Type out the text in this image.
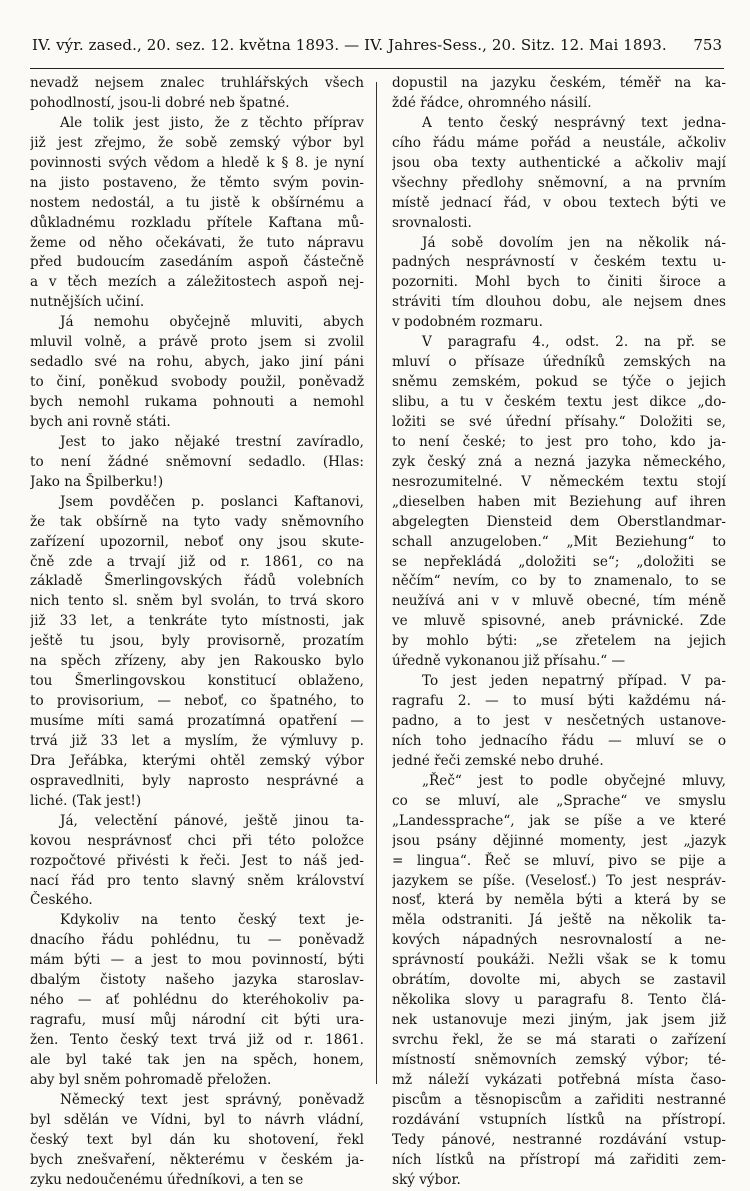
IV. výr. zased., 20. sez. 12. května 1893. — IV. Jahres-Sess., 20. Sitz. 12. Mai 1893. 753
nevadž nejsem znalec truhlářských všech
pohodlností, jsou-li dobré neb špatné.
Ale tolik jest jisto, že z těchto příprav
již jest zřejmo, že sobě zemský výbor byl
povinnosti svých vědom a hledě k § 8. je nyní
na jisto postaveno, že těmto svým povin-
nostem nedostál, a tu jistě k obšírnému a
důkladnému rozkladu přítele Kaftana mů-
žeme od něho očekávati, že tuto nápravu
před budoucím zasedáním aspoň částečně
a v těch mezích a záležitostech aspoň nej-
nutnějších učiní.
Já nemohu obyčejně mluviti, abych
mluvil volně, a právě proto jsem si zvolil
sedadlo své na rohu, abych, jako jiní páni
to činí, poněkud svobody použil, poněvadž
bych nemohl rukama pohnouti a nemohl
bych ani rovně státi.
Jest to jako nějaké trestní zavíradlo,
to není žádné sněmovní sedadlo. (Hlas:
Jako na Špilberku!)
Jsem povděčen p. poslanci Kaftanovi,
že tak obšírně na tyto vady sněmovního
zařízení upozornil, neboť ony jsou skute-
čně zde a trvají již od r. 1861, co na
základě Šmerlingovských řádů volebních
nich tento sl. sněm byl svolán, to trvá skoro
již 33 let, a tenkráte tyto místnosti, jak
ještě tu jsou, byly provisorně, prozatím
na spěch zřízeny, aby jen Rakousko bylo
tou Šmerlingovskou konstitucí oblaženo,
to provisorium, — neboť, co špatného, to
musíme míti samá prozatímná opatření —
trvá již 33 let a myslím, že výmluvy p.
Dra Jeřábka, kterými ohtěl zemský výbor
ospravedlniti, byly naprosto nesprávné a
liché. (Tak jest!)
Já, velectění pánové, ještě jinou ta-
kovou nesprávnosť chci při této položce
rozpočtové přivésti k řeči. Jest to náš jed-
nací řád pro tento slavný sněm království
Českého.
Kdykoliv na tento český text je-
dnacího řádu pohlédnu, tu — poněvadž
mám býti — a jest to mou povinností, býti
dbalým čistoty našeho jazyka staroslav-
ného — ať pohlédnu do kteréhokoliv pa-
ragrafu, musí můj národní cit býti ura-
žen. Tento český text trvá již od r. 1861.
ale byl také tak jen na spěch, honem,
aby byl sněm pohromadě přeložen.
Německý text jest správný, poněvadž
byl sdělán ve Vídni, byl to návrh vládní,
český text byl dán ku shotovení, řekl
bych znešvaření, některému v českém ja-
zyku nedoučenému úředníkovi, a ten se
dopustil na jazyku českém, téměř na ka-
ždé řádce, ohromného násilí.
A tento český nesprávný text jedna-
cího řádu máme pořád a neustále, ačkoliv
jsou oba texty authentické a ačkoliv mají
všechny předlohy sněmovní, a na prvním
místě jednací řád, v obou textech býti ve
srovnalosti.
Já sobě dovolím jen na několik ná-
padných nesprávností v českém textu u-
pozorniti. Mohl bych to činiti široce a
stráviti tím dlouhou dobu, ale nejsem dnes
v podobném rozmaru.
V paragrafu 4., odst. 2. na př. se
mluví o přísaze úředníků zemských na
sněmu zemském, pokud se týče o jejich
slibu, a tu v českém textu jest dikce „do-
ložiti se své úřední přísahy.“ Doložiti se,
to není české; to jest pro toho, kdo ja-
zyk český zná a nezná jazyka německého,
nesrozumitelné. V německém textu stojí
„dieselben haben mit Beziehung auf ihren
abgelegten Diensteid dem Oberstlandmar-
schall anzugeloben.“ „Mit Beziehung“ to
se nepřekládá „doložiti se“; „doložiti se
něčím“ nevím, co by to znamenalo, to se
neužívá ani v v mluvě obecné, tím méně
ve mluvě spisovné, aneb právnické. Zde
by mohlo býti: „se zřetelem na jejich
úředně vykonanou již přísahu.“ —
To jest jeden nepatrný případ. V pa-
ragrafu 2. — to musí býti každému ná-
padno, a to jest v nesčetných ustanove-
ních toho jednacího řádu — mluví se o
jedné řeči zemské nebo druhé.
„Řeč“ jest to podle obyčejné mluvy,
co se mluví, ale „Sprache“ ve smyslu
„Landessprache“, jak se píše a ve které
jsou psány dějinné momenty, jest „jazyk
= lingua“. Řeč se mluví, pivo se pije a
jazykem se píše. (Veselosť.) To jest nespráv-
nosť, která by neměla býti a která by se
měla odstraniti. Já ještě na několik ta-
kových nápadných nesrovnalostí a ne-
správností poukáži. Nežli však se k tomu
obrátím, dovolte mi, abych se zastavil
několika slovy u paragrafu 8. Tento člá-
nek ustanovuje mezi jiným, jak jsem již
svrchu řekl, že se má starati o zařízení
místností sněmovních zemský výbor; té-
mž náleží vykázati potřebná místa časo-
piscům a těsnopiscům a zařiditi nestranné
rozdávání vstupních lístků na přístropí.
Tedy pánové, nestranné rozdávání vstup-
ních lístků na přístropí má zařiditi zem-
ský výbor.
